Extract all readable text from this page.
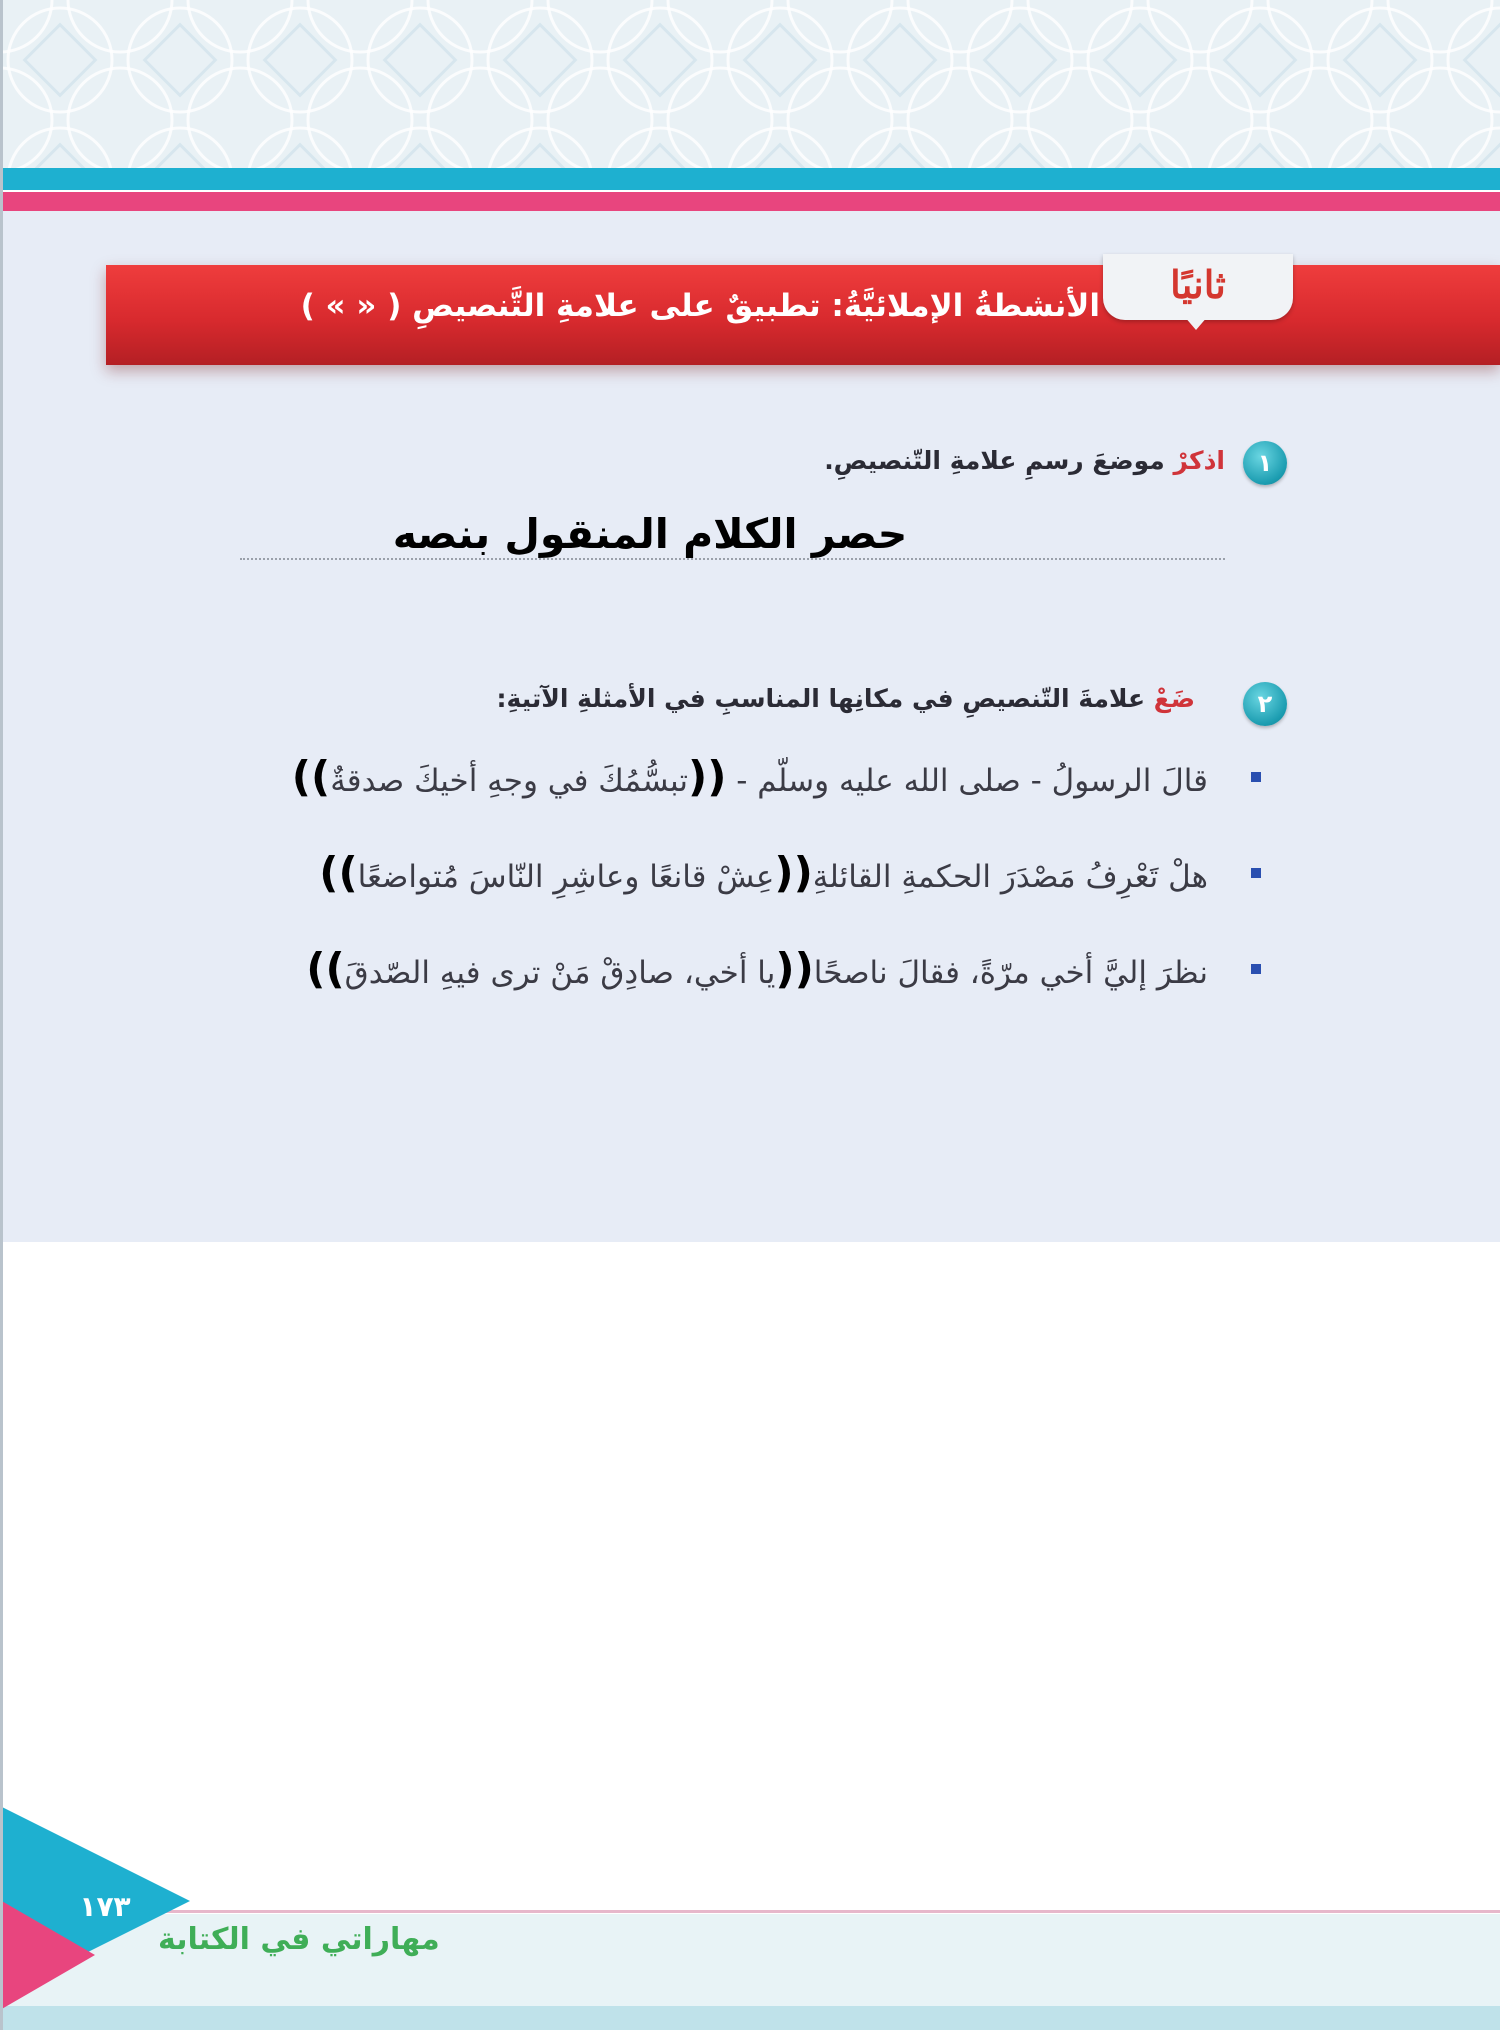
ثانيًا
الأنشطةُ الإملائيَّةُ: تطبيقٌ على علامةِ التَّنصيصِ ( « » )
١
اذكرْ موضعَ رسمِ علامةِ التّنصيصِ.
حصر الكلام المنقول بنصه
٢
ضَعْ علامةَ التّنصيصِ في مكانِها المناسبِ في الأمثلةِ الآتيةِ:
قالَ الرسولُ - صلى الله عليه وسلّم - ((تبسُّمُكَ في وجهِ أخيكَ صدقةٌ))
هلْ تَعْرِفُ مَصْدَرَ الحكمةِ القائلةِ((عِشْ قانعًا وعاشِرِ النّاسَ مُتواضعًا))
نظرَ إليَّ أخي مرّةً، فقالَ ناصحًا((يا أخي، صادِقْ مَنْ ترى فيهِ الصّدقَ))
١٧٣
مهاراتي في الكتابة
